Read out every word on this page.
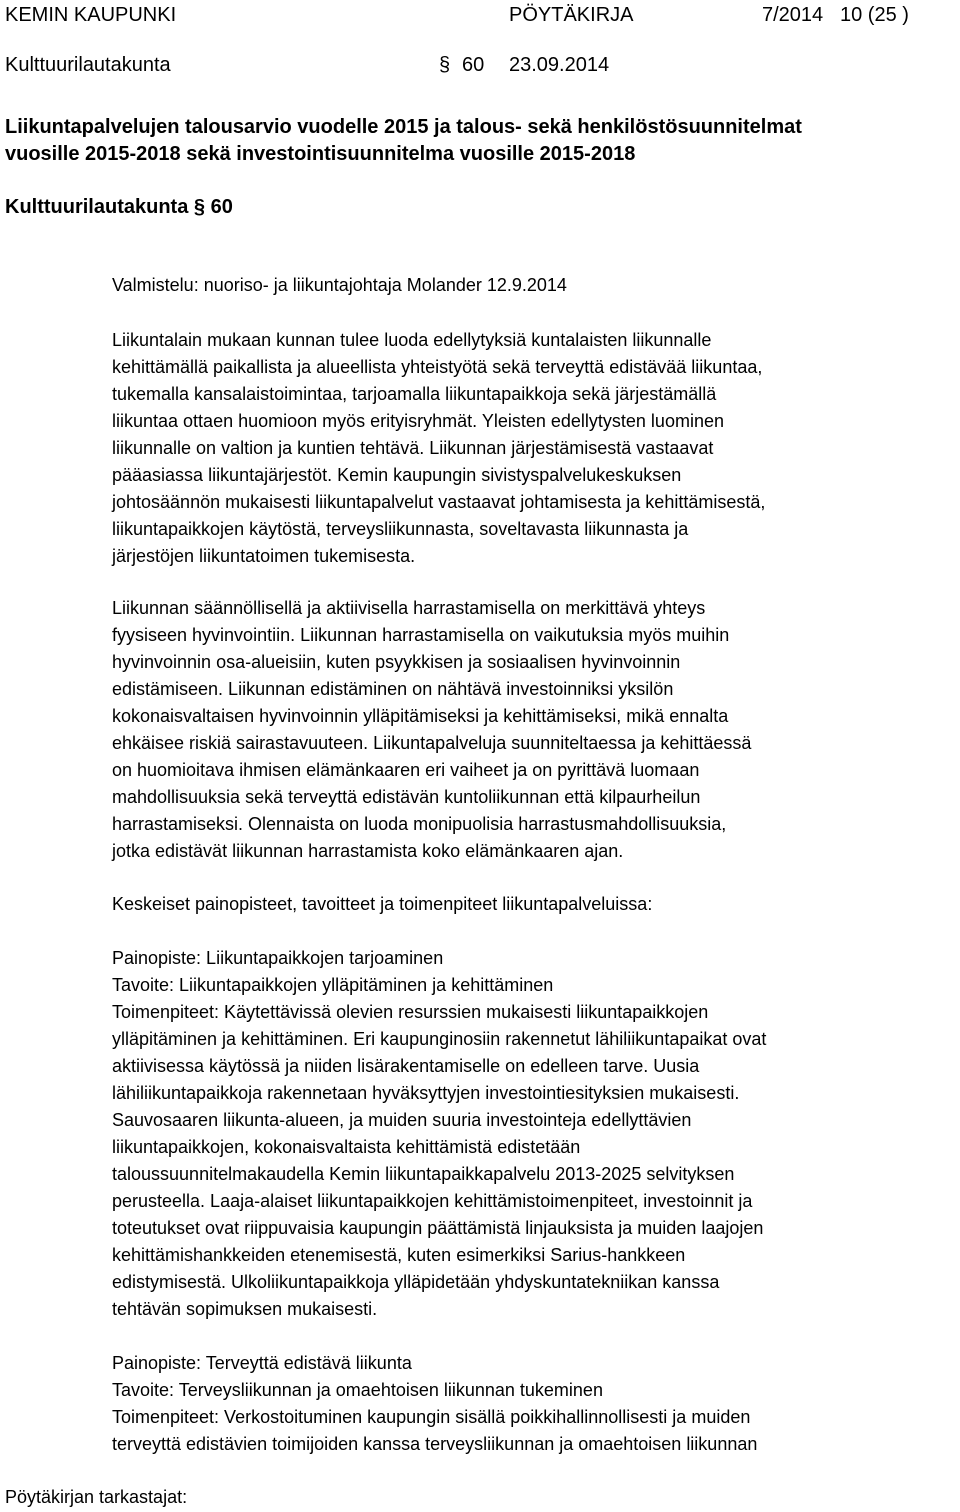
KEMIN KAUPUNKI	PÖYTÄKIRJA	7/2014 10 (25 )
Kulttuurilautakunta	§ 60 23.09.2014
Liikuntapalvelujen talousarvio vuodelle 2015 ja talous- sekä henkilöstösuunnitelmat
vuosille 2015-2018 sekä investointisuunnitelma vuosille 2015-2018
Kulttuurilautakunta § 60
Valmistelu: nuoriso- ja liikuntajohtaja Molander 12.9.2014
Liikuntalain mukaan kunnan tulee luoda edellytyksiä kuntalaisten liikunnalle
kehittämällä paikallista ja alueellista yhteistyötä sekä terveyttä edistävää liikuntaa,
tukemalla kansalaistoimintaa, tarjoamalla liikuntapaikkoja sekä järjestämällä
liikuntaa ottaen huomioon myös erityisryhmät. Yleisten edellytysten luominen
liikunnalle on valtion ja kuntien tehtävä. Liikunnan järjestämisestä vastaavat
pääasiassa liikuntajärjestöt. Kemin kaupungin sivistyspalvelukeskuksen
johtosäännön mukaisesti liikuntapalvelut vastaavat johtamisesta ja kehittämisestä,
liikuntapaikkojen käytöstä, terveysliikunnasta, soveltavasta liikunnasta ja
järjestöjen liikuntatoimen tukemisesta.
Liikunnan säännöllisellä ja aktiivisella harrastamisella on merkittävä yhteys
fyysiseen hyvinvointiin. Liikunnan harrastamisella on vaikutuksia myös muihin
hyvinvoinnin osa-alueisiin, kuten psyykkisen ja sosiaalisen hyvinvoinnin
edistämiseen. Liikunnan edistäminen on nähtävä investoinniksi yksilön
kokonaisvaltaisen hyvinvoinnin ylläpitämiseksi ja kehittämiseksi, mikä ennalta
ehkäisee riskiä sairastavuuteen. Liikuntapalveluja suunniteltaessa ja kehittäessä
on huomioitava ihmisen elämänkaaren eri vaiheet ja on pyrittävä luomaan
mahdollisuuksia sekä terveyttä edistävän kuntoliikunnan että kilpaurheilun
harrastamiseksi. Olennaista on luoda monipuolisia harrastusmahdollisuuksia,
jotka edistävät liikunnan harrastamista koko elämänkaaren ajan.
Keskeiset painopisteet, tavoitteet ja toimenpiteet liikuntapalveluissa:
Painopiste: Liikuntapaikkojen tarjoaminen
Tavoite: Liikuntapaikkojen ylläpitäminen ja kehittäminen
Toimenpiteet: Käytettävissä olevien resurssien mukaisesti liikuntapaikkojen
ylläpitäminen ja kehittäminen. Eri kaupunginosiin rakennetut lähiliikuntapaikat ovat
aktiivisessa käytössä ja niiden lisärakentamiselle on edelleen tarve. Uusia
lähiliikuntapaikkoja rakennetaan hyväksyttyjen investointiesityksien mukaisesti.
Sauvosaaren liikunta-alueen, ja muiden suuria investointeja edellyttävien
liikuntapaikkojen, kokonaisvaltaista kehittämistä edistetään
taloussuunnitelmakaudella Kemin liikuntapaikkapalvelu 2013-2025 selvityksen
perusteella. Laaja-alaiset liikuntapaikkojen kehittämistoimenpiteet, investoinnit ja
toteutukset ovat riippuvaisia kaupungin päättämistä linjauksista ja muiden laajojen
kehittämishankkeiden etenemisestä, kuten esimerkiksi Sarius-hankkeen
edistymisestä. Ulkoliikuntapaikkoja ylläpidetään yhdyskuntatekniikan kanssa
tehtävän sopimuksen mukaisesti.
Painopiste: Terveyttä edistävä liikunta
Tavoite: Terveysliikunnan ja omaehtoisen liikunnan tukeminen
Toimenpiteet: Verkostoituminen kaupungin sisällä poikkihallinnollisesti ja muiden
terveyttä edistävien toimijoiden kanssa terveysliikunnan ja omaehtoisen liikunnan
Pöytäkirjan tarkastajat:
